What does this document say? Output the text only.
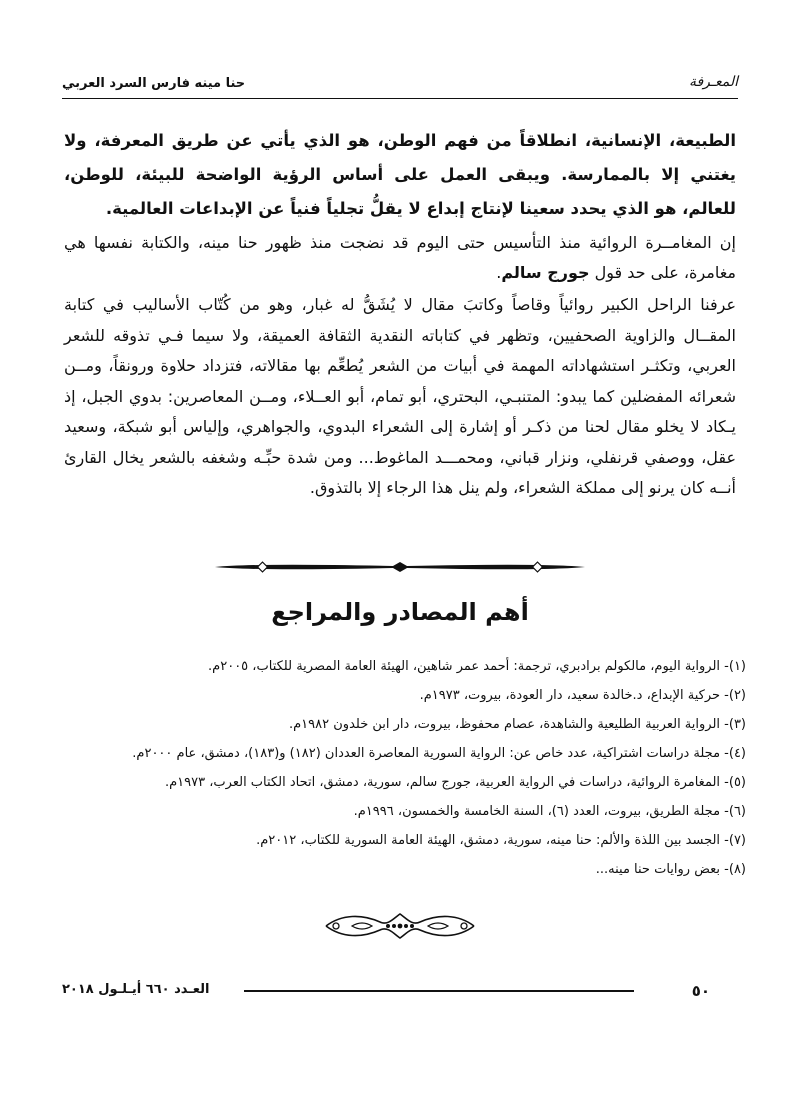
المعـرفة
حنا مينه فارس السرد العربي

الطبيعة، الإنسانية، انطلاقاً من فهم الوطن، هو الذي يأتي عن طريق المعرفة، ولا يغتني إلا بالممارسة. ويبقى العمل على أساس الرؤية الواضحة للبيئة، للوطن، للعالم، هو الذي يحدد سعينا لإنتاج إبداع لا يقلُّ تجلياً فنياً عن الإبداعات العالمية.

إن المغامــرة الروائية منذ التأسيس حتى اليوم قد نضجت منذ ظهور حنا مينه، والكتابة نفسها هي مغامرة، على حد قول جورج سالم.

عرفنا الراحل الكبير روائياً وقاصاً وكاتبَ مقال لا يُشَقُّ له غبار، وهو من كُتّاب الأساليب في كتابة المقــال والزاوية الصحفيين، وتظهر في كتاباته النقدية الثقافة العميقة، ولا سيما فـي تذوقه للشعر العربي، وتكثـر استشهاداته المهمة في أبيات من الشعر يُطعِّم بها مقالاته، فتزداد حلاوة ورونقاً، ومــن شعرائه المفضلين كما يبدو: المتنبـي، البحتري، أبو تمام، أبو العــلاء، ومــن المعاصرين: بدوي الجبل، إذ يـكاد لا يخلو مقال لحنا من ذكـر أو إشارة إلى الشعراء البدوي، والجواهري، وإلياس أبو شبكة، وسعيد عقل، ووصفي قرنفلي، ونزار قباني، ومحمـــد الماغوط... ومن شدة حبِّـه وشغفه بالشعر يخال القارئ أنــه كان يرنو إلى مملكة الشعراء، ولم ينل هذا الرجاء إلا بالتذوق.

أهم المصادر والمراجع
(١)- الرواية اليوم، مالكولم برادبري، ترجمة: أحمد عمر شاهين، الهيئة العامة المصرية للكتاب، ٢٠٠٥م.
(٢)- حركية الإبداع، د.خالدة سعيد، دار العودة، بيروت، ١٩٧٣م.
(٣)- الرواية العربية الطليعية والشاهدة، عصام محفوظ، بيروت، دار ابن خلدون ١٩٨٢م.
(٤)- مجلة دراسات اشتراكية، عدد خاص عن: الرواية السورية المعاصرة العددان (١٨٢) و(١٨٣)، دمشق، عام ٢٠٠٠م.
(٥)- المغامرة الروائية، دراسات في الرواية العربية، جورج سالم، سورية، دمشق، اتحاد الكتاب العرب، ١٩٧٣م.
(٦)- مجلة الطريق، بيروت، العدد (٦)، السنة الخامسة والخمسون، ١٩٩٦م.
(٧)- الجسد بين اللذة والألم: حنا مينه، سورية، دمشق، الهيئة العامة السورية للكتاب، ٢٠١٢م.
(٨)- بعض روايات حنا مينه...
٥٠
العـدد ٦٦٠ أيـلـول ٢٠١٨
